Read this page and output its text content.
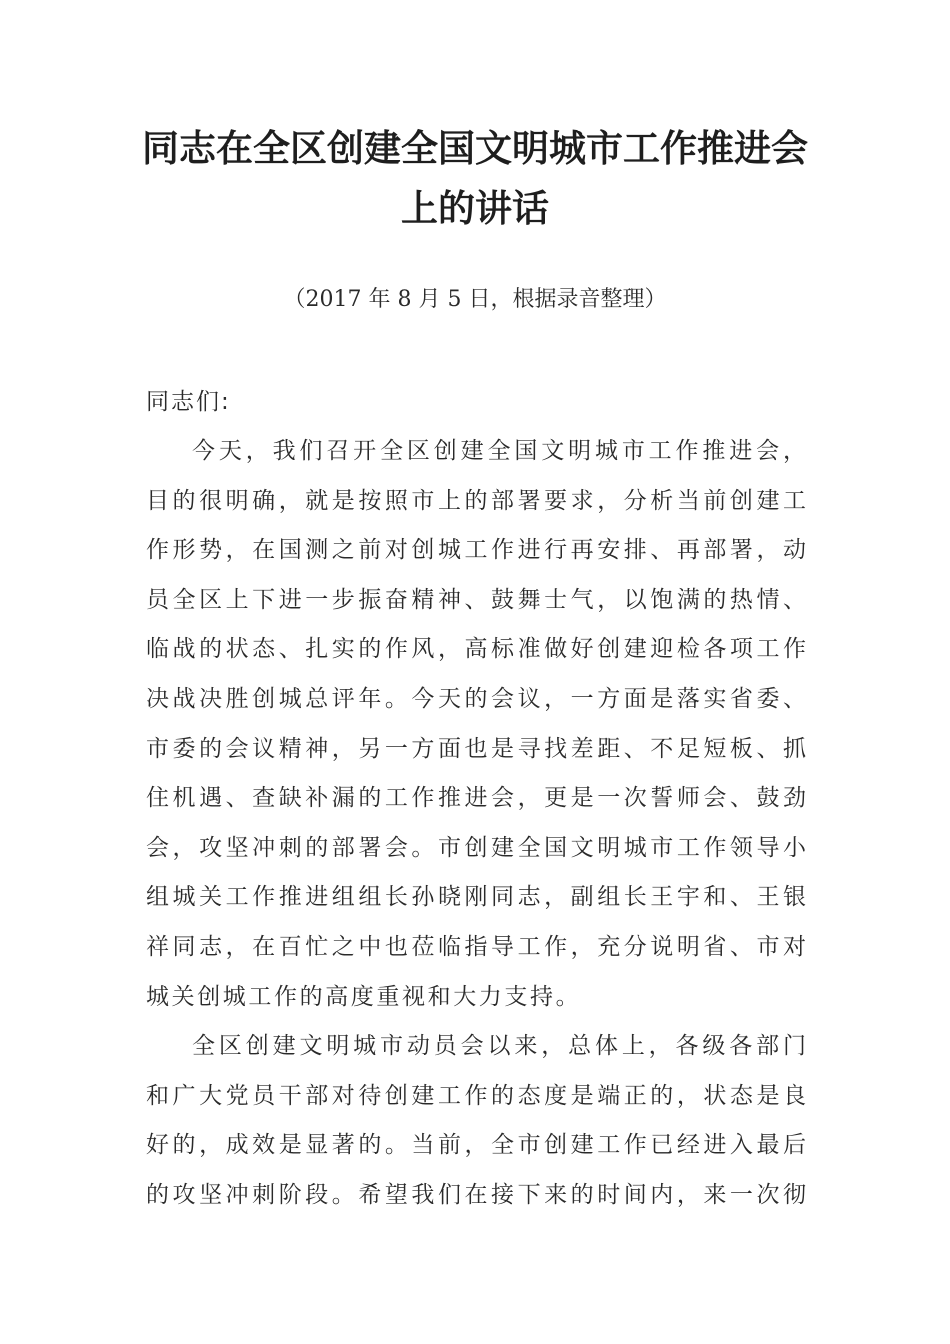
同志在全区创建全国文明城市工作推进会
上的讲话

（2017 年 8 月 5 日，根据录音整理）

同志们:

今天，我们召开全区创建全国文明城市工作推进会，

目的很明确，就是按照市上的部署要求，分析当前创建工

作形势，在国测之前对创城工作进行再安排、再部署，动

员全区上下进一步振奋精神、鼓舞士气，以饱满的热情、

临战的状态、扎实的作风，高标准做好创建迎检各项工作

决战决胜创城总评年。今天的会议，一方面是落实省委、

市委的会议精神，另一方面也是寻找差距、不足短板、抓

住机遇、查缺补漏的工作推进会，更是一次誓师会、鼓劲

会，攻坚冲刺的部署会。市创建全国文明城市工作领导小

组城关工作推进组组长孙晓刚同志，副组长王宇和、王银

祥同志，在百忙之中也莅临指导工作，充分说明省、市对

城关创城工作的高度重视和大力支持。

全区创建文明城市动员会以来，总体上，各级各部门

和广大党员干部对待创建工作的态度是端正的，状态是良

好的，成效是显著的。当前，全市创建工作已经进入最后

的攻坚冲刺阶段。希望我们在接下来的时间内，来一次彻
